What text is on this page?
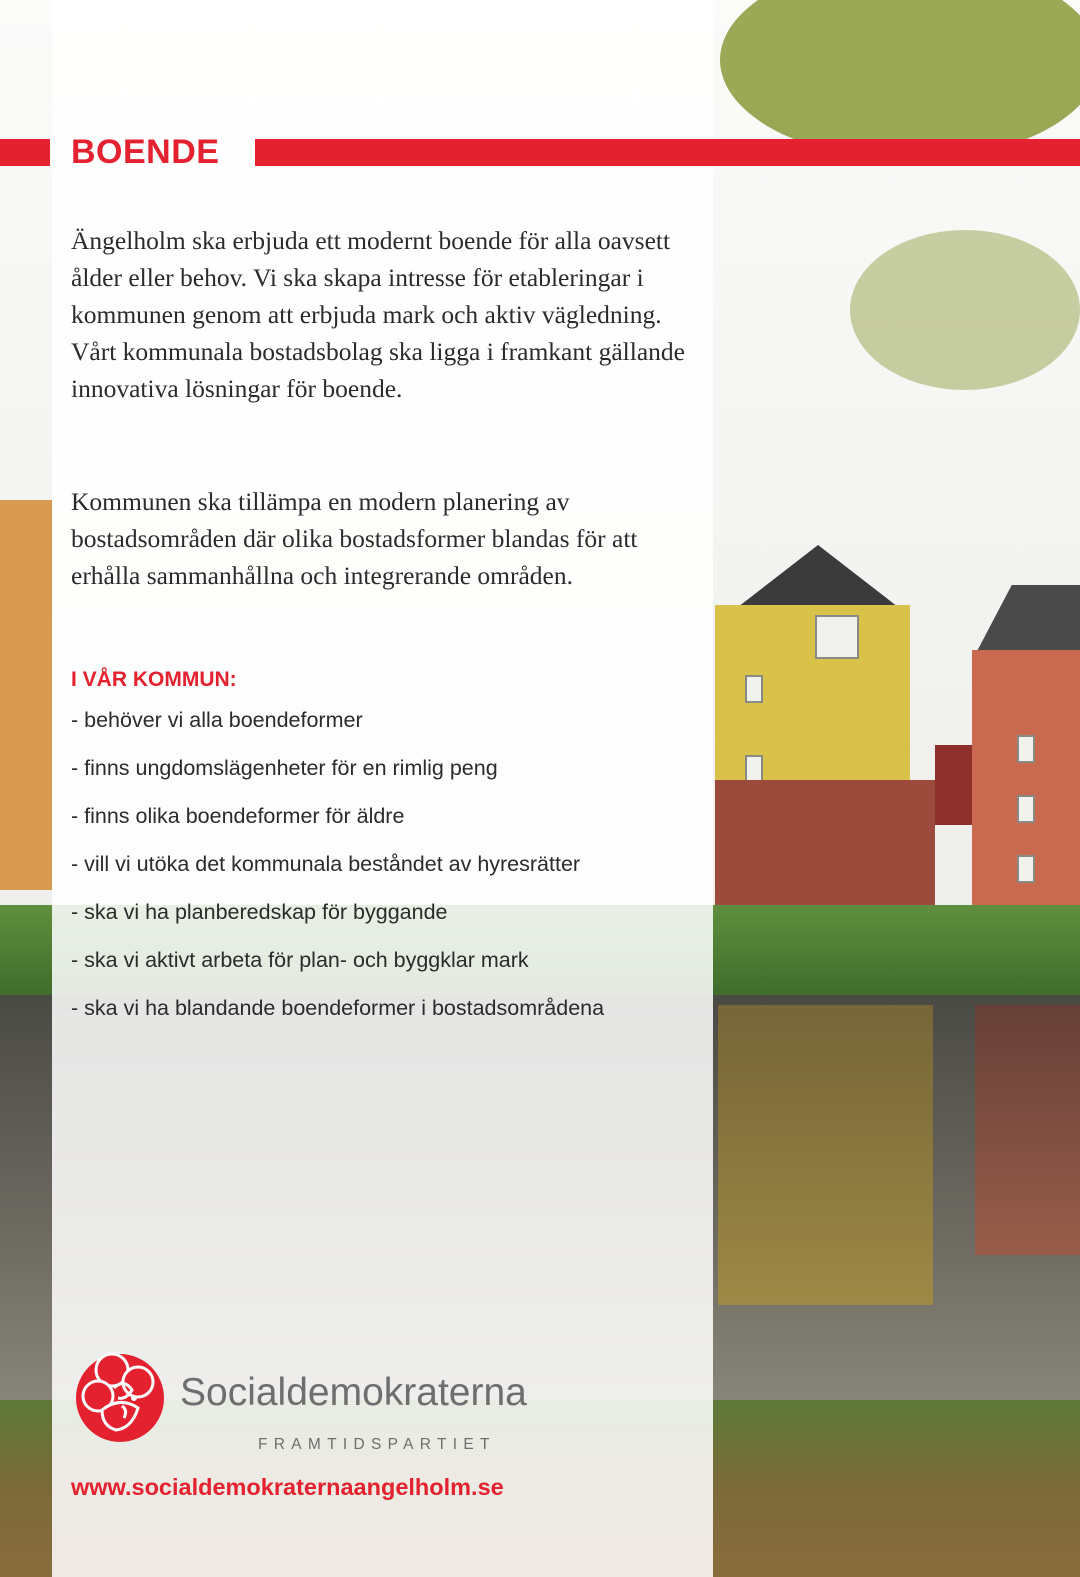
BOENDE

Ängelholm ska erbjuda ett modernt boende för alla oavsett ålder eller behov. Vi ska skapa intresse för etableringar i kommunen genom att erbjuda mark och aktiv vägledning.
Vårt kommunala bostadsbolag ska ligga i framkant gällande innovativa lösningar för boende.

Kommunen ska tillämpa en modern planering av bostadsområden där olika bostadsformer blandas för att erhålla sammanhållna och integrerande områden.

I VÅR KOMMUN:
- behöver vi alla boendeformer
- finns ungdomslägenheter för en rimlig peng
- finns olika boendeformer för äldre
- vill vi utöka det kommunala beståndet av hyresrätter
- ska vi ha planberedskap för byggande
- ska vi aktivt arbeta för plan- och byggklar mark
- ska vi ha blandande boendeformer i bostadsområdena

Socialdemokraterna

FRAMTIDSPARTIET

www.socialdemokraternaangelholm.se
